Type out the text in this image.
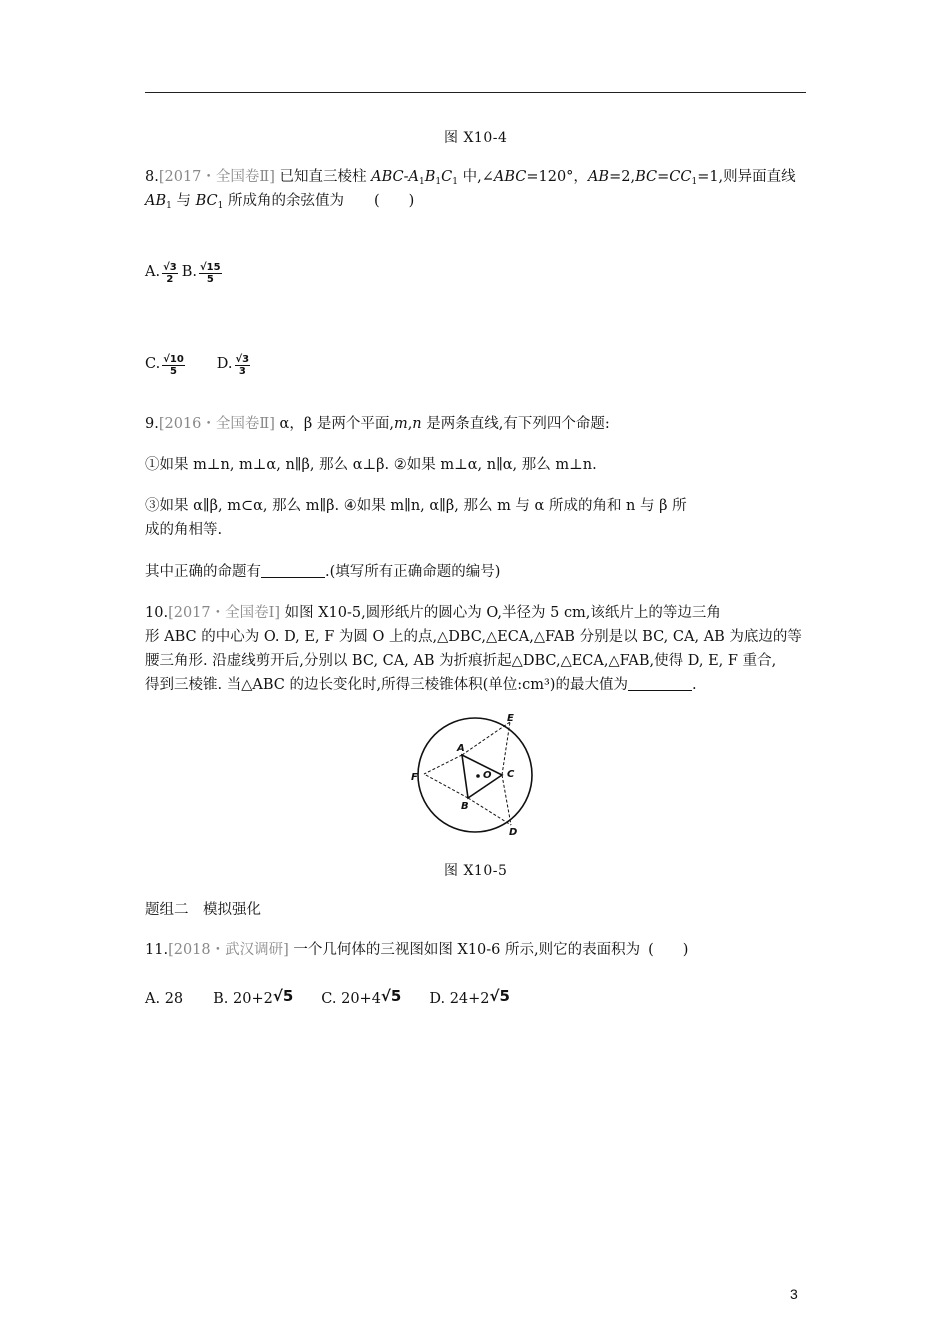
图 X10-4
8.[2017・全国卷Ⅱ] 已知直三棱柱 ABC-$A_1B_1C_1$ 中,∠ABC=120°，$AB=2,BC=CC_1=1$,则异面直线
$AB_1$ 与 $BC_1$ 所成角的余弦值为 (　　)
A. $\frac{√3}{2} B$. $\frac{√15}{5}$
C. $\frac{√10}{5} D$. $\frac{√3}{3}$
9.[2016・全国卷Ⅱ] α，β 是两个平面,m,n 是两条直线,有下列四个命题:
①如果 m⊥n, m⊥α, n∥β, 那么 α⊥β. ②如果 m⊥α, n∥α, 那么 m⊥n.
③如果 α∥β, m⊂α, 那么 m∥β. ④如果 m∥n, α∥β, 那么 m 与 α 所成的角和 n 与 β 所
成的角相等.
其中正确的命题有	.(填写所有正确命题的编号)
10.[2017・全国卷Ⅰ] 如图 X10-5,圆形纸片的圆心为 O,半径为 5 cm,该纸片上的等边三角
形 ABC 的中心为 O. D, E, F 为圆 O 上的点,△DBC,△ECA,△FAB 分别是以 BC, CA, AB 为底边的等
腰三角形. 沿虚线剪开后,分别以 BC, CA, AB 为折痕折起△DBC,△ECA,△FAB,使得 D, E, F 重合,
得到三棱锥. 当△ABC 的边长变化时,所得三棱锥体积(单位:cm³)的最大值为	.
A
B
C
O
D
E
F
图 X10-5
题组二　模拟强化
11.[2018・武汉调研] 一个几何体的三视图如图 X10-6 所示,则它的表面积为 (　　)
A. 28 B. 20+2√5 C. 20+4√5 D. 24+2√5
3
